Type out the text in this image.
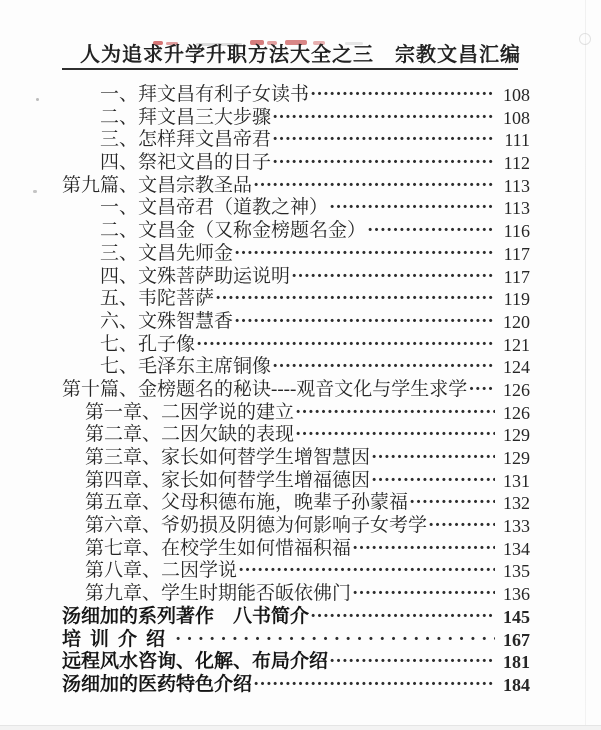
人为追求升学升职方法大全之三　宗教文昌汇编
一、拜文昌有利子女读书 ·····	108
二、拜文昌三大步骤 ·····	108
三、怎样拜文昌帝君 ·····	111
四、祭祀文昌的日子 ·····	112
第九篇、文昌宗教圣品 ·····	113
一、文昌帝君（道教之神） ·····	113
二、文昌金（又称金榜题名金） ·····	116
三、文昌先师金 ·····	117
四、文殊菩萨助运说明 ·····	117
五、韦陀菩萨 ·····	119
六、文殊智慧香 ·····	120
七、孔子像 ·····	121
七、毛泽东主席铜像 ·····	124
第十篇、金榜题名的秘诀----观音文化与学生求学 ·····	126
第一章、二因学说的建立 ·····	126
第二章、二因欠缺的表现 ·····	129
第三章、家长如何替学生增智慧因 ·····	129
第四章、家长如何替学生增福德因 ·····	131
第五章、父母积德布施，晚辈子孙蒙福 ·····	132
第六章、爷奶损及阴德为何影响子女考学 ·····	133
第七章、在校学生如何惜福积福 ·····	134
第八章、二因学说 ·····	135
第九章、学生时期能否皈依佛门 ·····	136
汤细加的系列著作　八书简介 ·····	145
培训介绍 ·····	167
远程风水咨询、化解、布局介绍 ·····	181
汤细加的医药特色介绍 ·····	184
